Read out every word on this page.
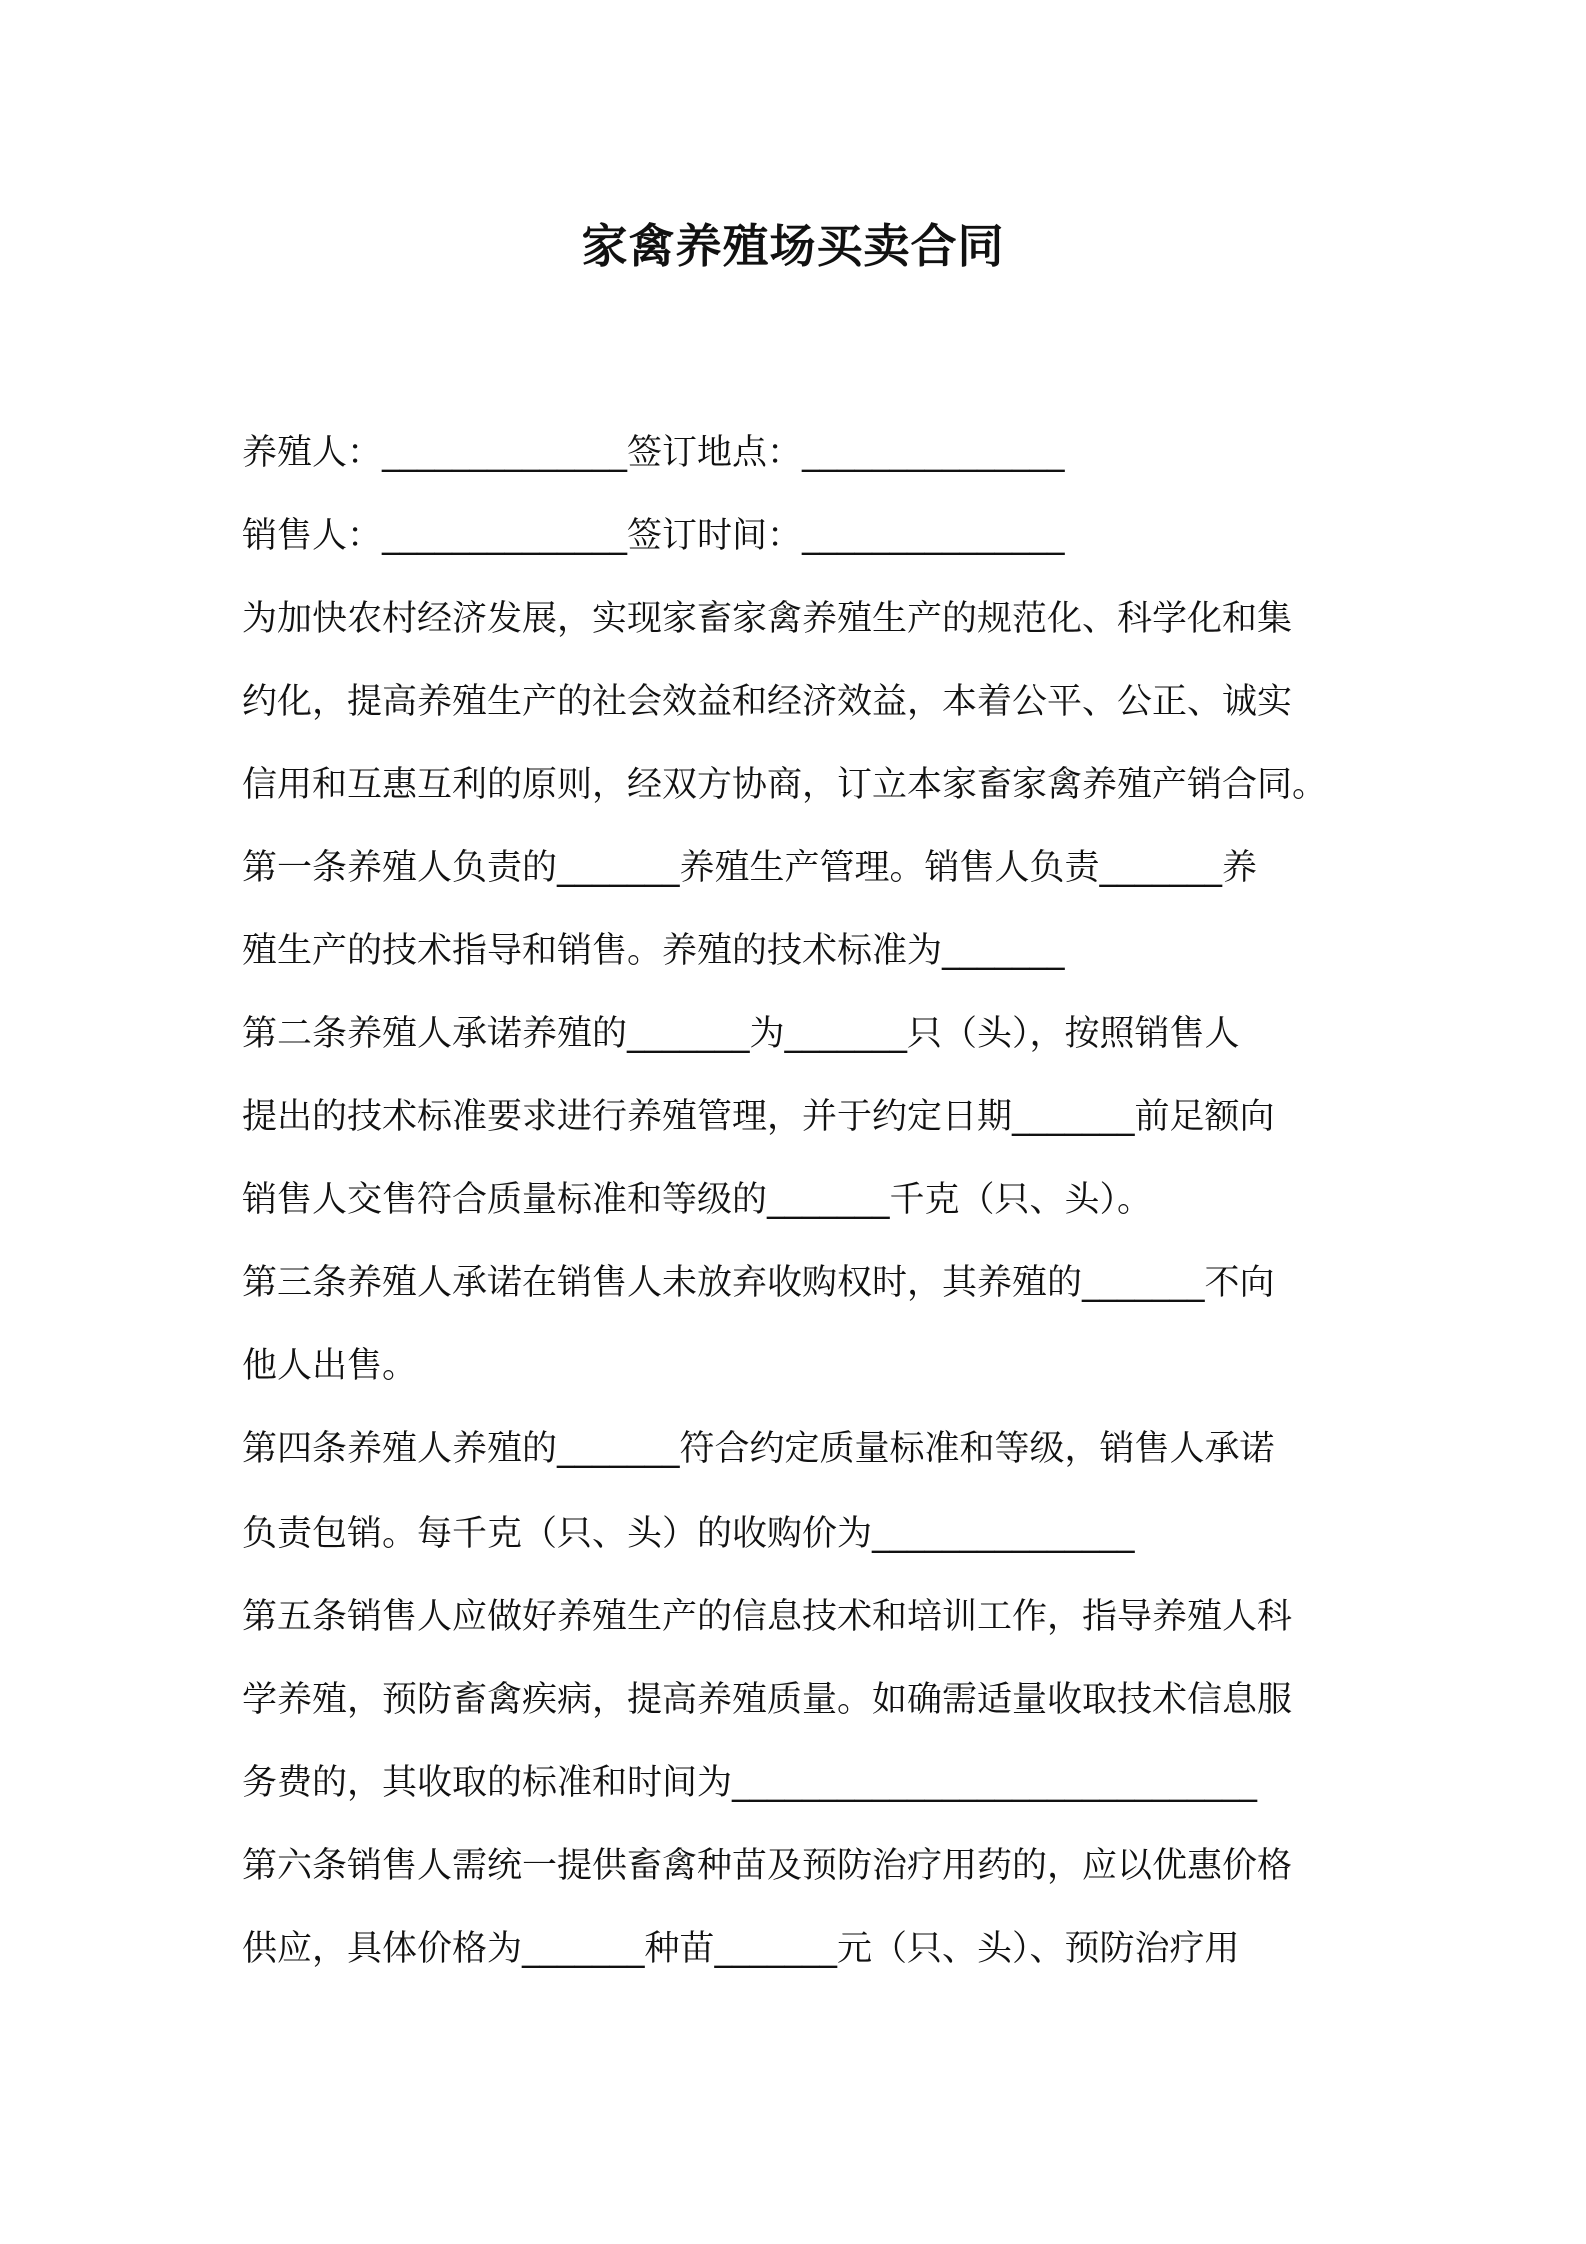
家禽养殖场买卖合同
养殖人：______________签订地点：_______________
销售人：______________签订时间：_______________
为加快农村经济发展，实现家畜家禽养殖生产的规范化、科学化和集
约化，提高养殖生产的社会效益和经济效益，本着公平、公正、诚实
信用和互惠互利的原则，经双方协商，订立本家畜家禽养殖产销合同。
第一条养殖人负责的_______养殖生产管理。销售人负责_______养
殖生产的技术指导和销售。养殖的技术标准为_______
第二条养殖人承诺养殖的_______为_______只（头），按照销售人
提出的技术标准要求进行养殖管理，并于约定日期_______前足额向
销售人交售符合质量标准和等级的_______千克（只、头）。
第三条养殖人承诺在销售人未放弃收购权时，其养殖的_______不向
他人出售。
第四条养殖人养殖的_______符合约定质量标准和等级，销售人承诺
负责包销。每千克（只、头）的收购价为_______________
第五条销售人应做好养殖生产的信息技术和培训工作，指导养殖人科
学养殖，预防畜禽疾病，提高养殖质量。如确需适量收取技术信息服
务费的，其收取的标准和时间为______________________________
第六条销售人需统一提供畜禽种苗及预防治疗用药的，应以优惠价格
供应，具体价格为_______种苗_______元（只、头）、预防治疗用
